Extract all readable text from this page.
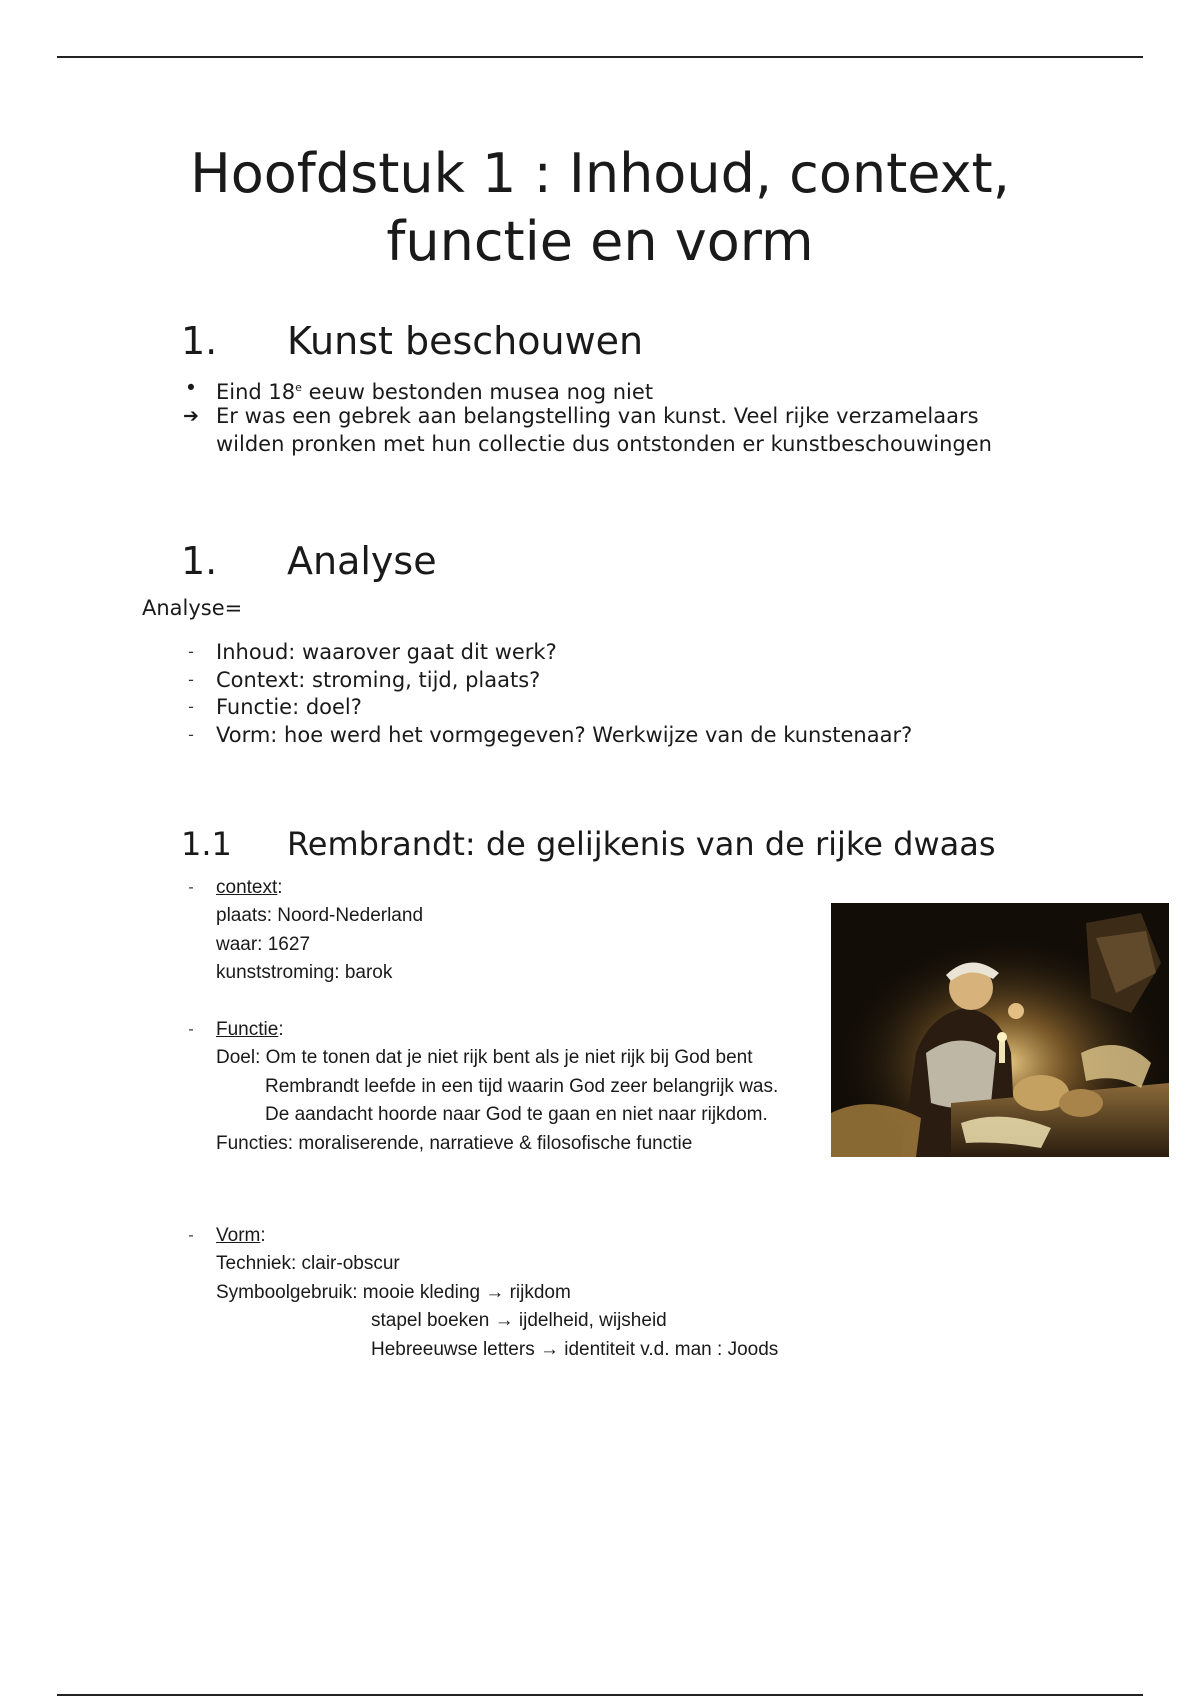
Hoofdstuk 1 : Inhoud, context,
functie en vorm
1. Kunst beschouwen
• Eind 18e eeuw bestonden musea nog niet
➔ Er was een gebrek aan belangstelling van kunst. Veel rijke verzamelaars
wilden pronken met hun collectie dus ontstonden er kunstbeschouwingen
1. Analyse
Analyse=
-	Inhoud: waarover gaat dit werk?
-	Context: stroming, tijd, plaats?
-	Functie: doel?
-	Vorm: hoe werd het vormgegeven? Werkwijze van de kunstenaar?
1.1 Rembrandt: de gelijkenis van de rijke dwaas
-	context:
plaats: Noord-Nederland
waar: 1627
kunststroming: barok
-	Functie:
Doel: Om te tonen dat je niet rijk bent als je niet rijk bij God bent
Rembrandt leefde in een tijd waarin God zeer belangrijk was.
De aandacht hoorde naar God te gaan en niet naar rijkdom.
Functies: moraliserende, narratieve & filosofische functie
-	Vorm:
Techniek: clair-obscur
Symboolgebruik: mooie kleding → rijkdom
stapel boeken → ijdelheid, wijsheid
Hebreeuwse letters → identiteit v.d. man : Joods
